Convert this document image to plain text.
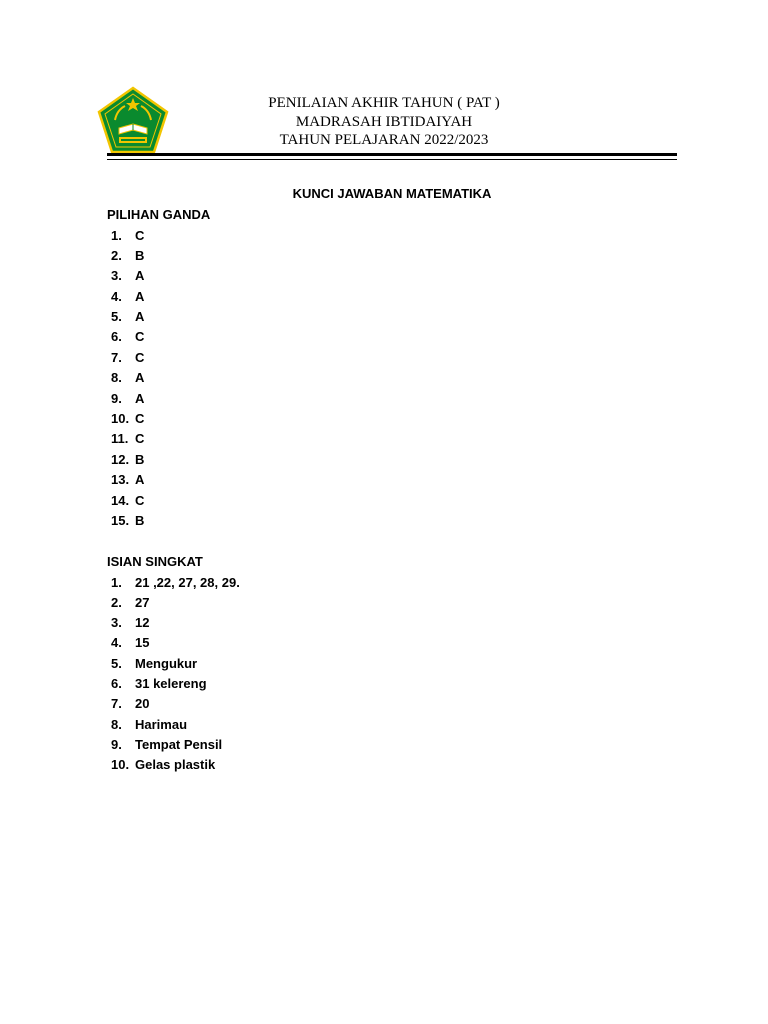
PENILAIAN AKHIR TAHUN ( PAT )
MADRASAH IBTIDAIYAH
TAHUN PELAJARAN 2022/2023
KUNCI JAWABAN MATEMATIKA
PILIHAN GANDA
1. C
2. B
3. A
4. A
5. A
6. C
7. C
8. A
9. A
10. C
11. C
12. B
13. A
14. C
15. B
ISIAN SINGKAT
1. 21 ,22, 27, 28, 29.
2. 27
3. 12
4. 15
5. Mengukur
6. 31 kelereng
7. 20
8. Harimau
9. Tempat Pensil
10. Gelas plastik
